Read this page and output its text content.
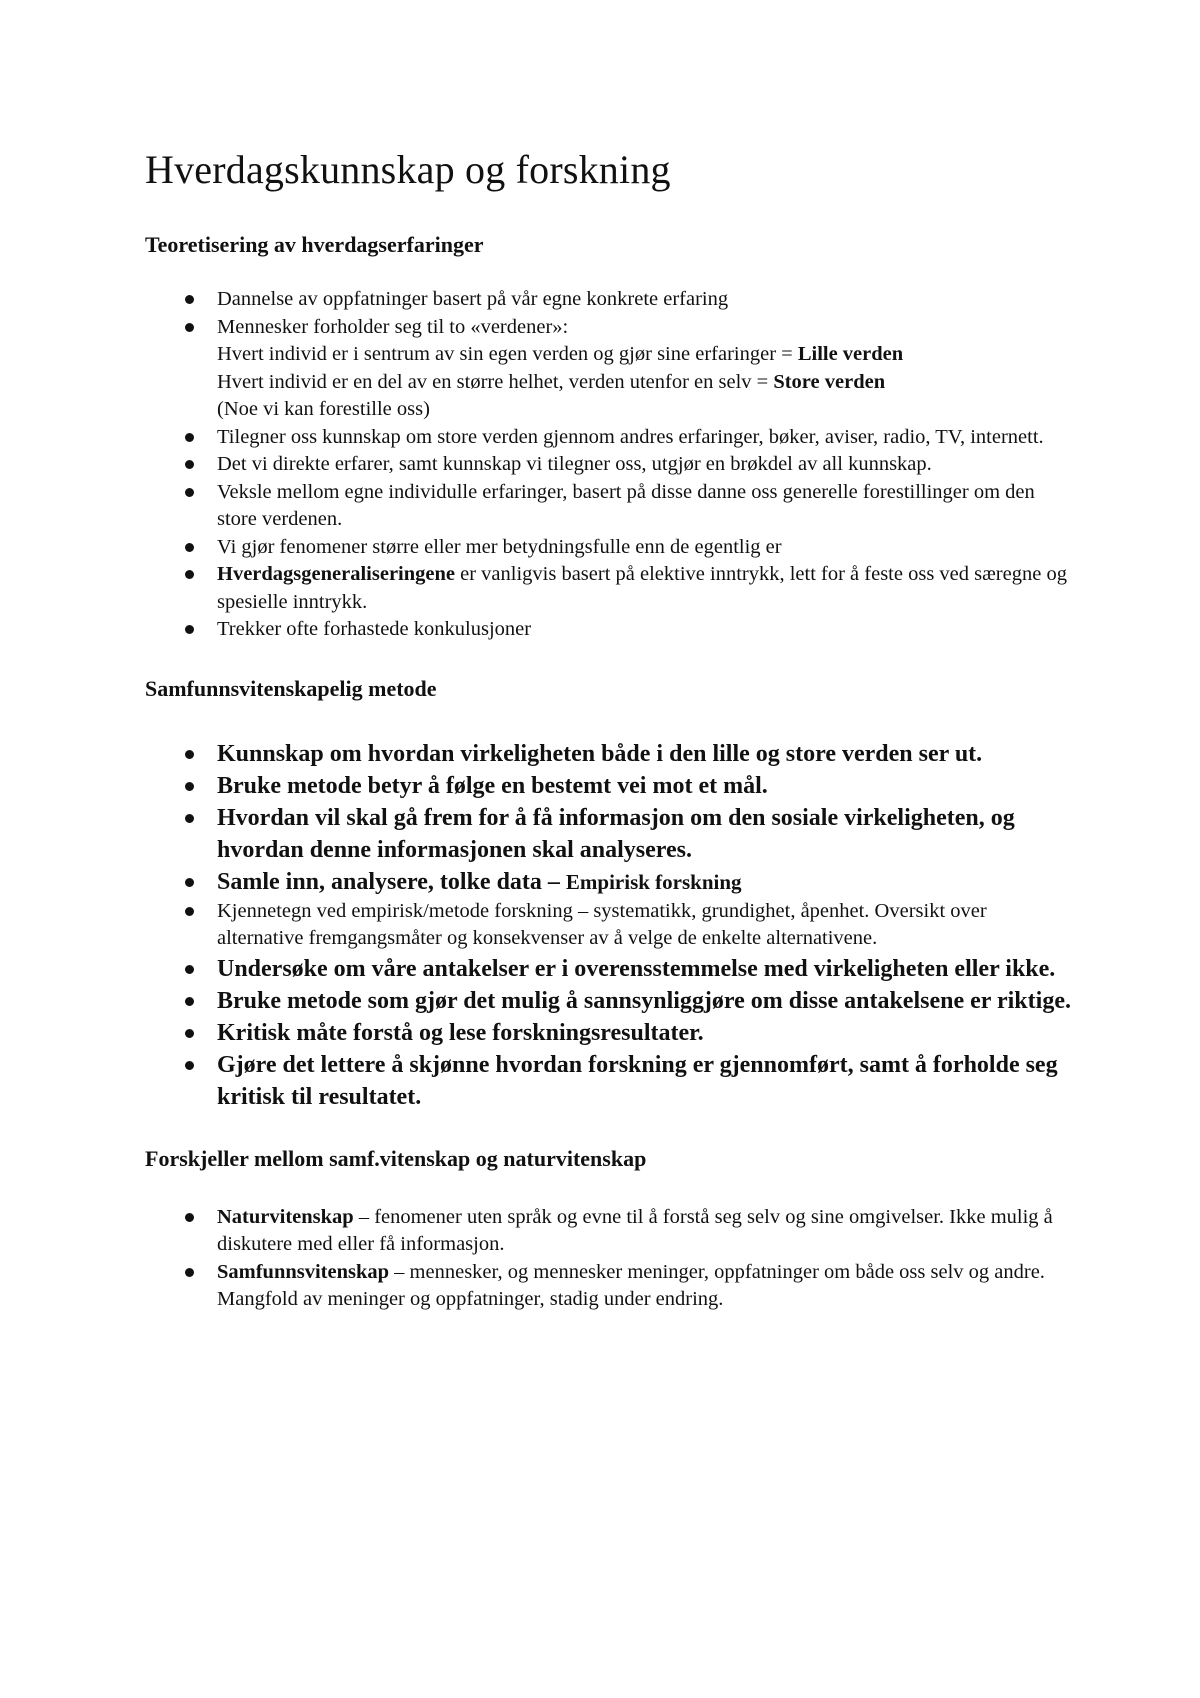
Hverdagskunnskap og forskning
Teoretisering av hverdagserfaringer
Dannelse av oppfatninger basert på vår egne konkrete erfaring
Mennesker forholder seg til to «verdener»:
Hvert individ er i sentrum av sin egen verden og gjør sine erfaringer = Lille verden
Hvert individ er en del av en større helhet, verden utenfor en selv = Store verden
(Noe vi kan forestille oss)
Tilegner oss kunnskap om store verden gjennom andres erfaringer, bøker, aviser, radio, TV, internett.
Det vi direkte erfarer, samt kunnskap vi tilegner oss, utgjør en brøkdel av all kunnskap.
Veksle mellom egne individulle erfaringer, basert på disse danne oss generelle forestillinger om den store verdenen.
Vi gjør fenomener større eller mer betydningsfulle enn de egentlig er
Hverdagsgeneraliseringene er vanligvis basert på elektive inntrykk, lett for å feste oss ved særegne og spesielle inntrykk.
Trekker ofte forhastede konkulusjoner
Samfunnsvitenskapelig metode
Kunnskap om hvordan virkeligheten både i den lille og store verden ser ut.
Bruke metode betyr å følge en bestemt vei mot et mål.
Hvordan vil skal gå frem for å få informasjon om den sosiale virkeligheten, og hvordan denne informasjonen skal analyseres.
Samle inn, analysere, tolke data – Empirisk forskning
Kjennetegn ved empirisk/metode forskning – systematikk, grundighet, åpenhet. Oversikt over alternative fremgangsmåter og konsekvenser av å velge de enkelte alternativene.
Undersøke om våre antakelser er i overensstemmelse med virkeligheten eller ikke.
Bruke metode som gjør det mulig å sannsynliggjøre om disse antakelsene er riktige.
Kritisk måte forstå og lese forskningsresultater.
Gjøre det lettere å skjønne hvordan forskning er gjennomført, samt å forholde seg kritisk til resultatet.
Forskjeller mellom samf.vitenskap og naturvitenskap
Naturvitenskap – fenomener uten språk og evne til å forstå seg selv og sine omgivelser. Ikke mulig å diskutere med eller få informasjon.
Samfunnsvitenskap – mennesker, og mennesker meninger, oppfatninger om både oss selv og andre. Mangfold av meninger og oppfatninger, stadig under endring.
